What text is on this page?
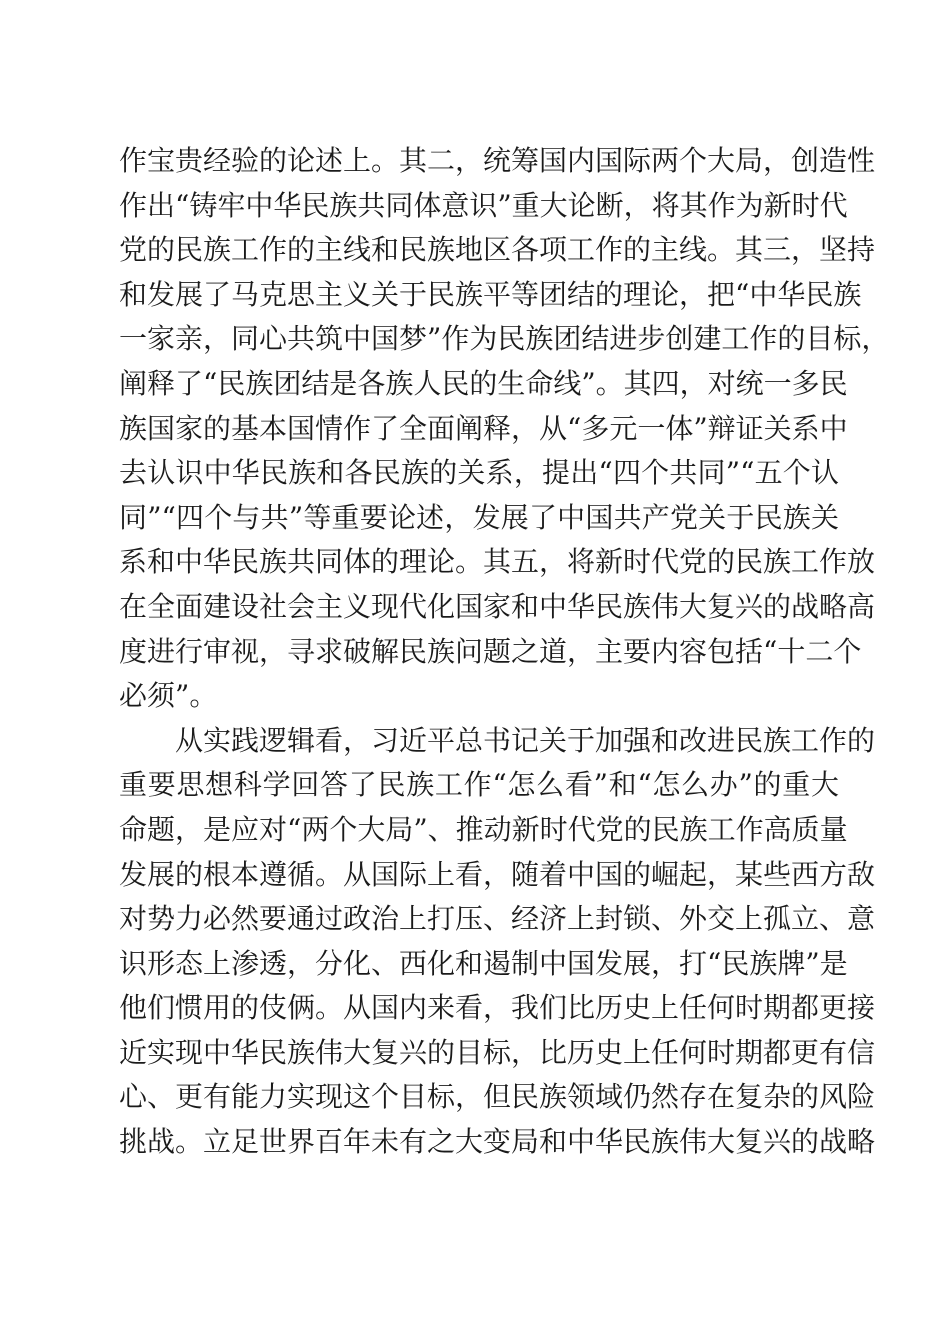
作宝贵经验的论述上。其二，统筹国内国际两个大局，创造性
作出“铸牢中华民族共同体意识”重大论断，将其作为新时代
党的民族工作的主线和民族地区各项工作的主线。其三，坚持
和发展了马克思主义关于民族平等团结的理论，把“中华民族
一家亲，同心共筑中国梦”作为民族团结进步创建工作的目标，
阐释了“民族团结是各族人民的生命线”。其四，对统一多民
族国家的基本国情作了全面阐释，从“多元一体”辩证关系中
去认识中华民族和各民族的关系，提出“四个共同”“五个认
同”“四个与共”等重要论述，发展了中国共产党关于民族关
系和中华民族共同体的理论。其五，将新时代党的民族工作放
在全面建设社会主义现代化国家和中华民族伟大复兴的战略高
度进行审视，寻求破解民族问题之道，主要内容包括“十二个
必须”。
从实践逻辑看，习近平总书记关于加强和改进民族工作的
重要思想科学回答了民族工作“怎么看”和“怎么办”的重大
命题，是应对“两个大局”、推动新时代党的民族工作高质量
发展的根本遵循。从国际上看，随着中国的崛起，某些西方敌
对势力必然要通过政治上打压、经济上封锁、外交上孤立、意
识形态上渗透，分化、西化和遏制中国发展，打“民族牌”是
他们惯用的伎俩。从国内来看，我们比历史上任何时期都更接
近实现中华民族伟大复兴的目标，比历史上任何时期都更有信
心、更有能力实现这个目标，但民族领域仍然存在复杂的风险
挑战。立足世界百年未有之大变局和中华民族伟大复兴的战略
